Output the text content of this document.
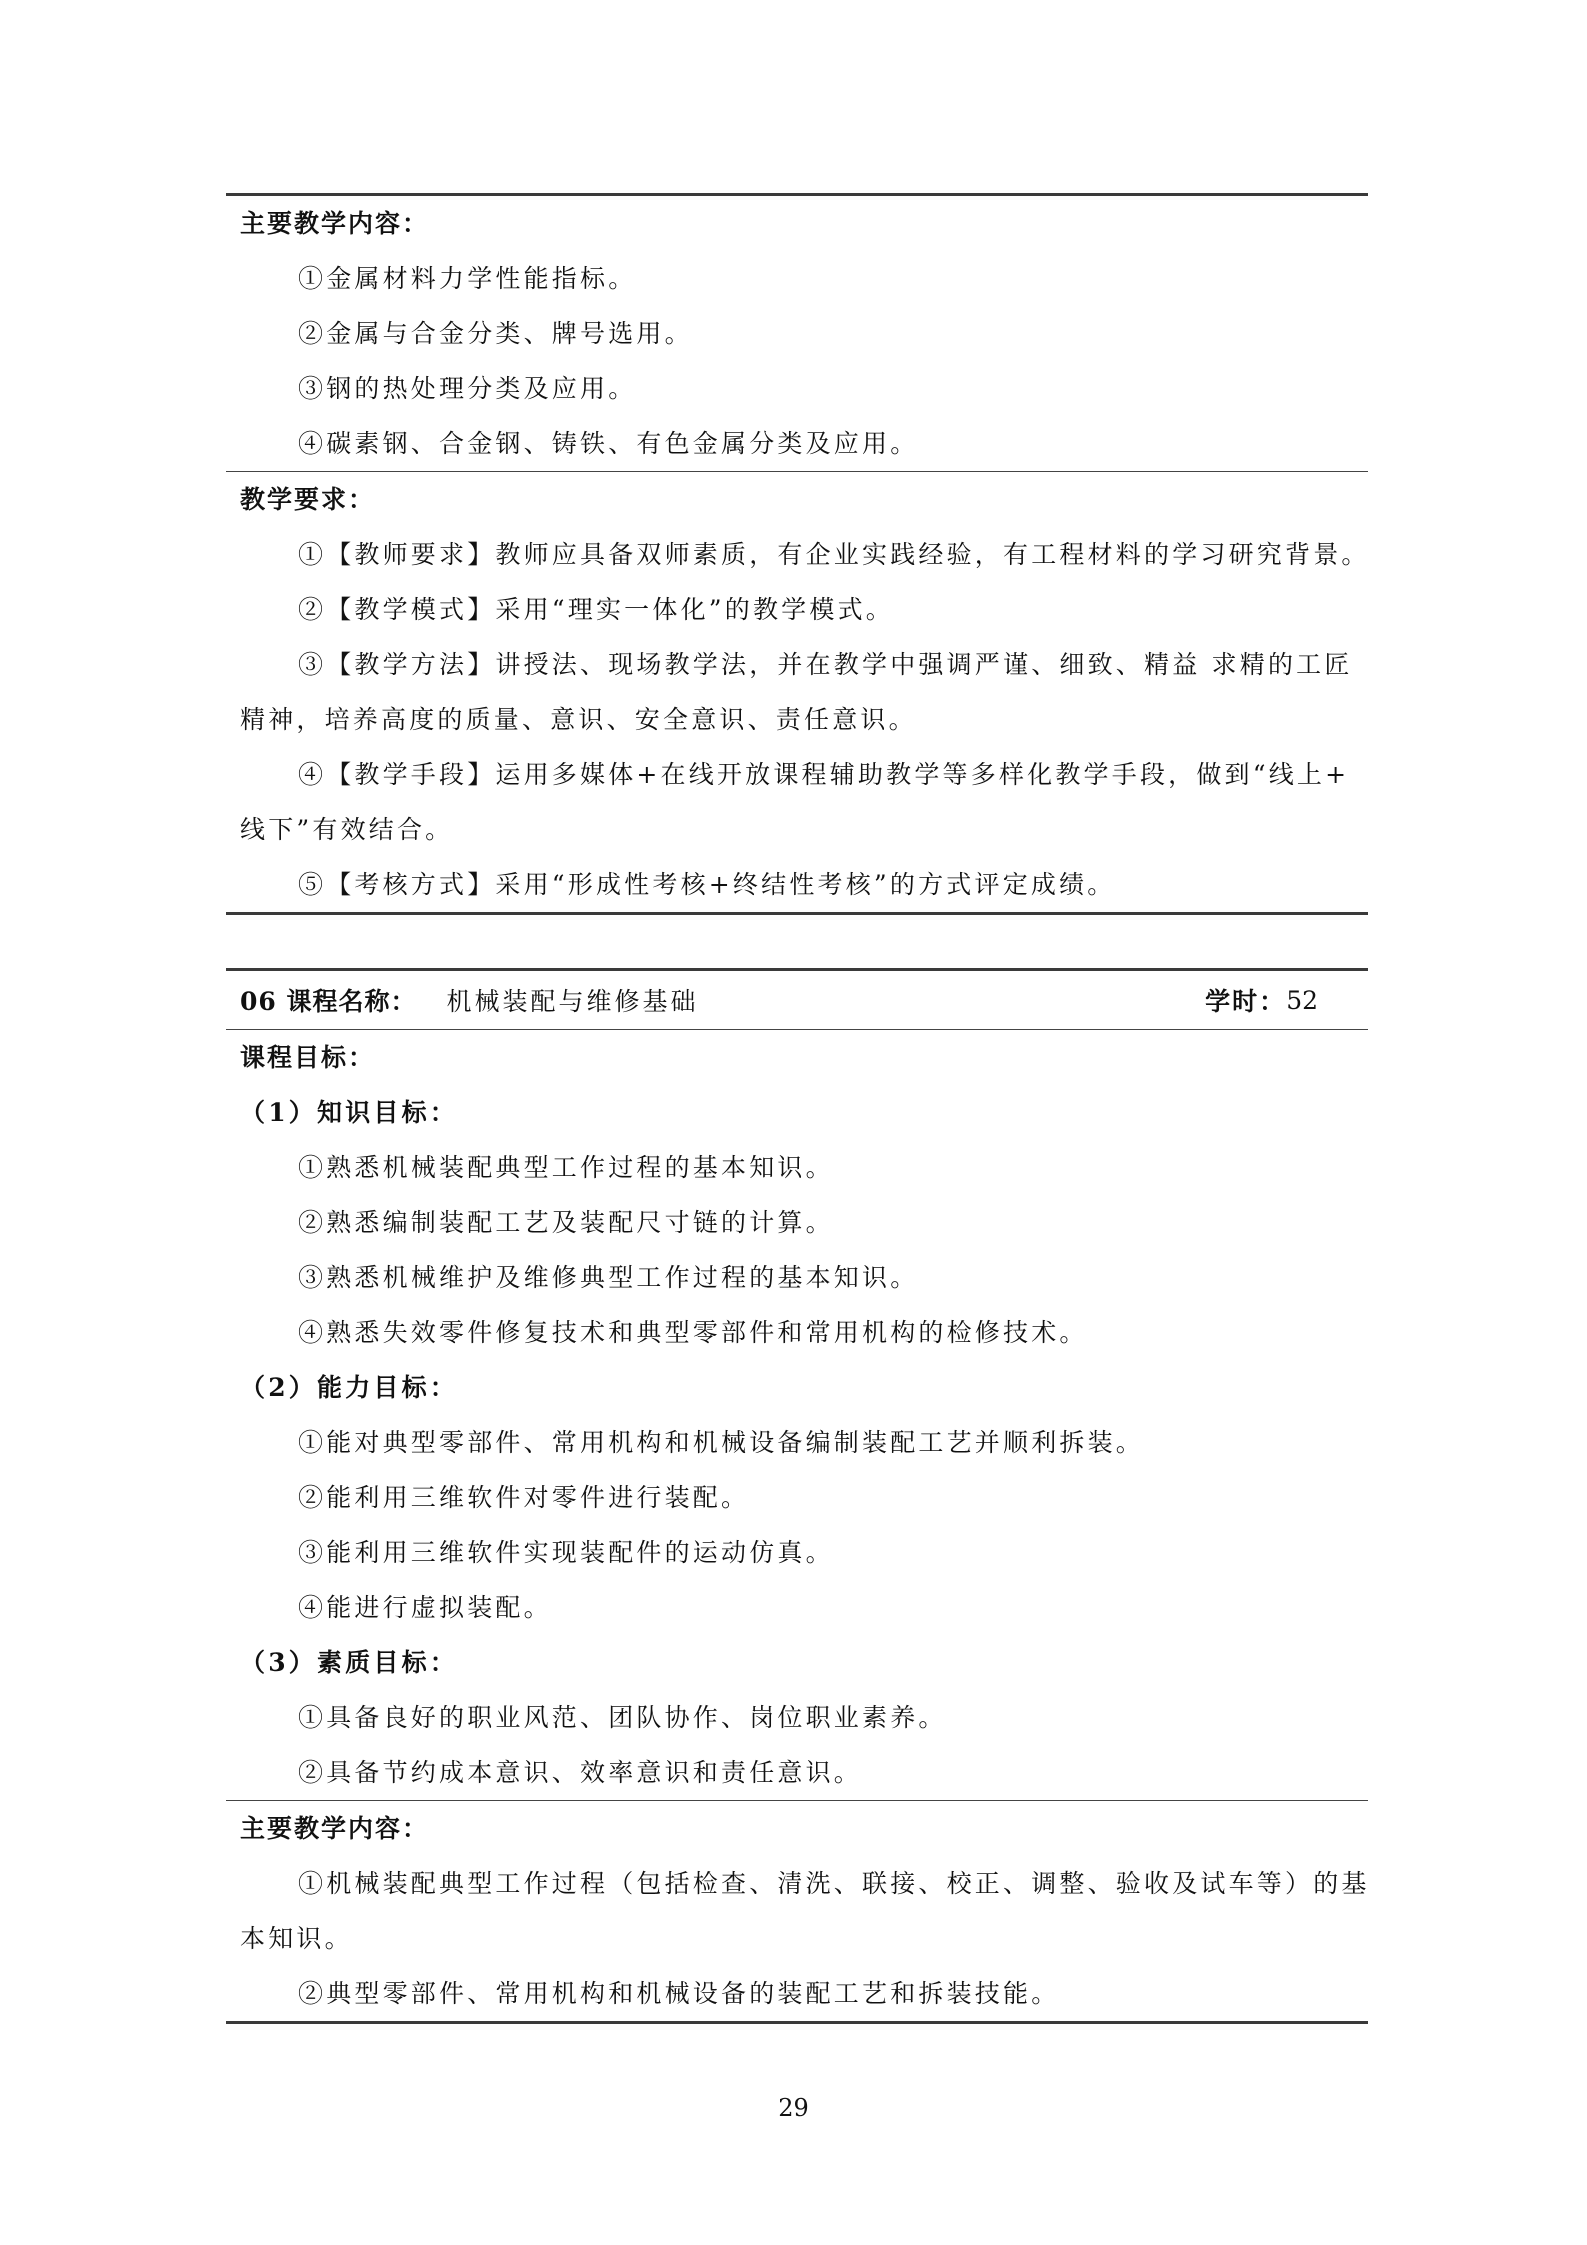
主要教学内容：
①金属材料力学性能指标。
②金属与合金分类、牌号选用。
③钢的热处理分类及应用。
④碳素钢、合金钢、铸铁、有色金属分类及应用。
教学要求：
①【教师要求】教师应具备双师素质，有企业实践经验，有工程材料的学习研究背景。
②【教学模式】采用“理实一体化”的教学模式。
③【教学方法】讲授法、现场教学法，并在教学中强调严谨、细致、精益 求精的工匠
精神，培养高度的质量、意识、安全意识、责任意识。
④【教学手段】运用多媒体+在线开放课程辅助教学等多样化教学手段，做到“线上+
线下”有效结合。
⑤【考核方式】采用“形成性考核+终结性考核”的方式评定成绩。
06 课程名称： 机械装配与维修基础	学时： 52
课程目标：
（1）知识目标：
①熟悉机械装配典型工作过程的基本知识。
②熟悉编制装配工艺及装配尺寸链的计算。
③熟悉机械维护及维修典型工作过程的基本知识。
④熟悉失效零件修复技术和典型零部件和常用机构的检修技术。
（2）能力目标：
①能对典型零部件、常用机构和机械设备编制装配工艺并顺利拆装。
②能利用三维软件对零件进行装配。
③能利用三维软件实现装配件的运动仿真。
④能进行虚拟装配。
（3）素质目标：
①具备良好的职业风范、团队协作、岗位职业素养。
②具备节约成本意识、效率意识和责任意识。
主要教学内容：
①机械装配典型工作过程（包括检查、清洗、联接、校正、调整、验收及试车等）的基
本知识。
②典型零部件、常用机构和机械设备的装配工艺和拆装技能。
29
